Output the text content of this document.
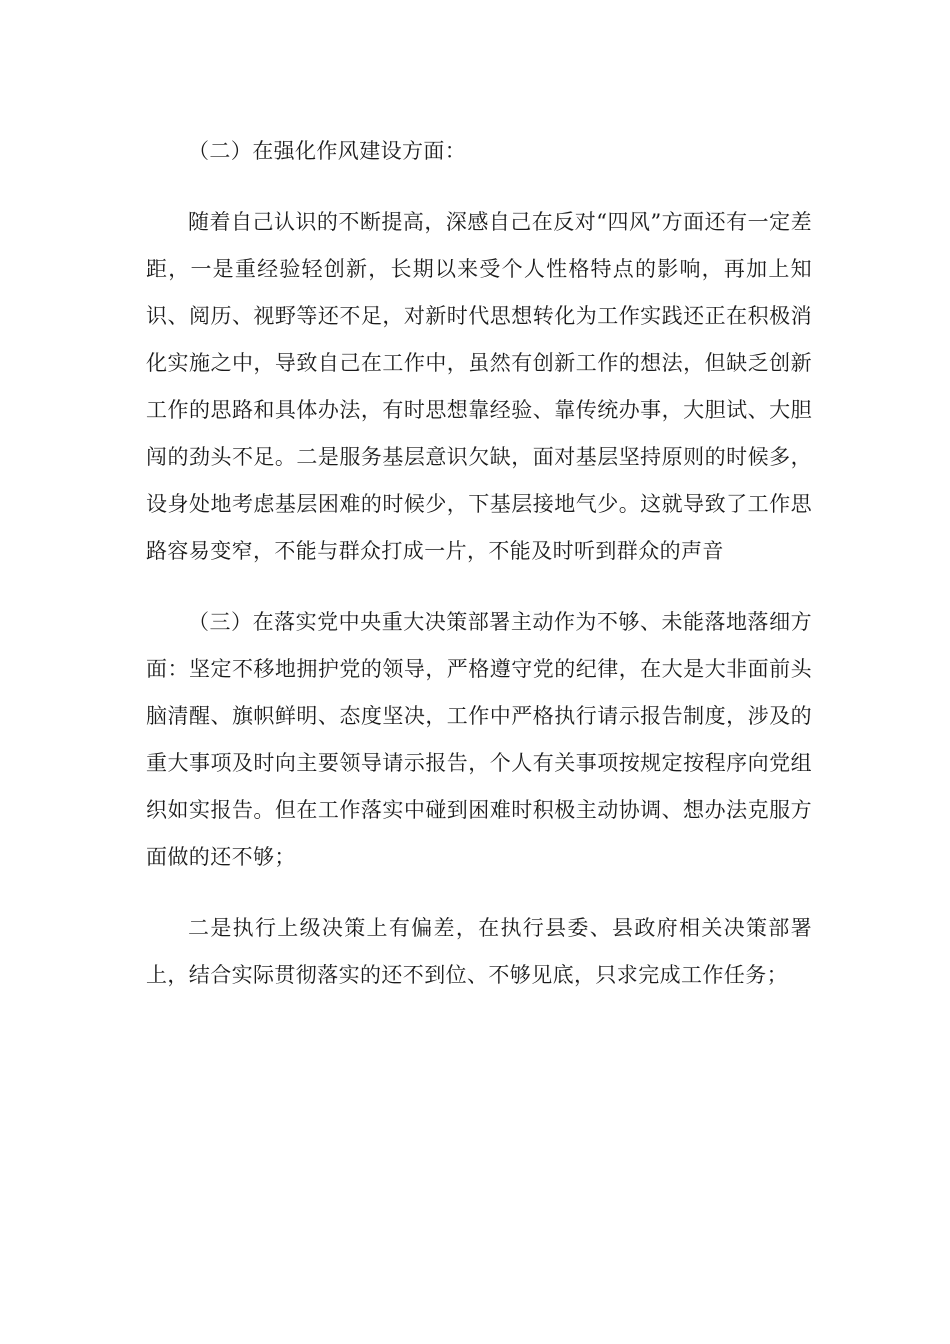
（二）在强化作风建设方面：

随着自己认识的不断提高，深感自己在反对“四风”方面还有一定差距，一是重经验轻创新，长期以来受个人性格特点的影响，再加上知识、阅历、视野等还不足，对新时代思想转化为工作实践还正在积极消化实施之中，导致自己在工作中，虽然有创新工作的想法，但缺乏创新工作的思路和具体办法，有时思想靠经验、靠传统办事，大胆试、大胆闯的劲头不足。二是服务基层意识欠缺，面对基层坚持原则的时候多，设身处地考虑基层困难的时候少，下基层接地气少。这就导致了工作思路容易变窄，不能与群众打成一片，不能及时听到群众的声音

（三）在落实党中央重大决策部署主动作为不够、未能落地落细方面：坚定不移地拥护党的领导，严格遵守党的纪律，在大是大非面前头脑清醒、旗帜鲜明、态度坚决，工作中严格执行请示报告制度，涉及的重大事项及时向主要领导请示报告，个人有关事项按规定按程序向党组织如实报告。但在工作落实中碰到困难时积极主动协调、想办法克服方面做的还不够；

二是执行上级决策上有偏差，在执行县委、县政府相关决策部署上，结合实际贯彻落实的还不到位、不够见底，只求完成工作任务；
